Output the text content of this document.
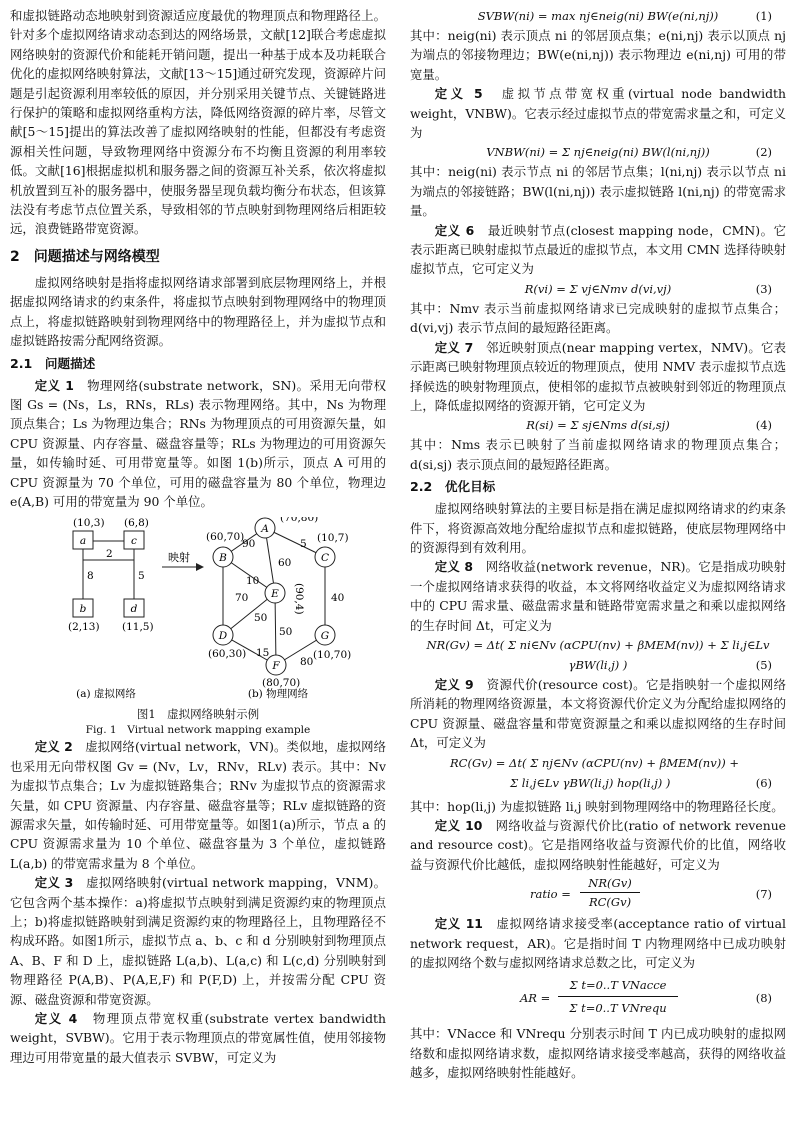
和虚拟链路动态地映射到资源适应度最优的物理顶点和物理路径上。针对多个虚拟网络请求动态到达的网络场景，文献[12]联合考虑虚拟网络映射的资源代价和能耗开销问题，提出一种基于成本及功耗联合优化的虚拟网络映射算法，文献[13～15]通过研究发现，资源碎片问题是引起资源利用率较低的原因，并分别采用关键节点、关键链路进行保护的策略和虚拟网络重构方法，降低网络资源的碎片率，尽管文献[5～15]提出的算法改善了虚拟网络映射的性能，但都没有考虑资源相关性问题，导致物理网络中资源分布不均衡且资源的利用率较低。文献[16]根据虚拟机和服务器之间的资源互补关系，依次将虚拟机放置到互补的服务器中，使服务器呈现负载均衡分布状态，但该算法没有考虑节点位置关系，导致相邻的节点映射到物理网络后相距较远，浪费链路带宽资源。

2　问题描述与网络模型

虚拟网络映射是指将虚拟网络请求部署到底层物理网络上，并根据虚拟网络请求的约束条件，将虚拟节点映射到物理网络中的物理顶点上，将虚拟链路映射到物理网络中的物理路径上，并为虚拟节点和虚拟链路按需分配网络资源。

2.1　问题描述

定义 1　物理网络(substrate network，SN)。采用无向带权图 Gs = (Ns，Ls，RNs，RLs) 表示物理网络。其中，Ns 为物理顶点集合；Ls 为物理边集合；RNs 为物理顶点的可用资源矢量，如CPU 资源量、内存容量、磁盘容量等；RLs 为物理边的可用资源矢量，如传输时延、可用带宽量等。如图 1(b)所示，顶点 A 可用的 CPU 资源量为 70 个单位，可用的磁盘容量为 80 个单位，物理边 e(A,B) 可用的带宽量为 90 个单位。

a	c
b	d
(10,3) (6,8)
(2,13) (11,5)
2
8	5
映射
A
B	C
D
E
F
G
(70,80)
(60,70)	(10,7)
(60,30)
(90,4)
(80,70)
(10,70)
90	5
60
10
70	40
50
50
15
80
(a) 虚拟网络	(b) 物理网络
图1　虚拟网络映射示例
Fig. 1　Virtual network mapping example

定义 2　虚拟网络(virtual network，VN)。类似地，虚拟网络也采用无向带权图 Gv = (Nv，Lv，RNv，RLv) 表示。其中：Nv 为虚拟节点集合；Lv 为虚拟链路集合；RNv 为虚拟节点的资源需求矢量，如 CPU 资源量、内存容量、磁盘容量等；RLv 虚拟链路的资源需求矢量，如传输时延、可用带宽量等。如图1(a)所示，节点 a 的 CPU 资源需求量为 10 个单位、磁盘容量为 3 个单位，虚拟链路 L(a,b) 的带宽需求量为 8 个单位。

定义 3　虚拟网络映射(virtual network mapping，VNM)。它包含两个基本操作：a)将虚拟节点映射到满足资源约束的物理顶点上；b)将虚拟链路映射到满足资源约束的物理路径上，且物理路径不构成环路。如图1所示，虚拟节点 a、b、c 和 d 分别映射到物理顶点 A、B、F 和 D 上，虚拟链路 L(a,b)、L(a,c) 和 L(c,d) 分别映射到物理路径 P(A,B)、P(A,E,F) 和 P(F,D) 上，并按需分配 CPU 资源、磁盘资源和带宽资源。

定义 4　物理顶点带宽权重(substrate vertex bandwidth weight，SVBW)。它用于表示物理顶点的带宽属性值，使用邻接物理边可用带宽量的最大值表示 SVBW，可定义为

SVBW(ni) = max nj∈neig(ni) BW(e(ni,nj))	(1)

其中：neig(ni) 表示顶点 ni 的邻居顶点集；e(ni,nj) 表示以顶点 nj 为端点的邻接物理边；BW(e(ni,nj)) 表示物理边 e(ni,nj) 可用的带宽量。

定义 5　虚拟节点带宽权重(virtual node bandwidth weight，VNBW)。它表示经过虚拟节点的带宽需求量之和，可定义为

VNBW(ni) = Σ nj∈neig(ni) BW(l(ni,nj))	(2)

其中：neig(ni) 表示节点 ni 的邻居节点集；l(ni,nj) 表示以节点 ni 为端点的邻接链路；BW(l(ni,nj)) 表示虚拟链路 l(ni,nj) 的带宽需求量。

定义 6　最近映射节点(closest mapping node，CMN)。它表示距离已映射虚拟节点最近的虚拟节点，本文用 CMN 选择待映射虚拟节点，它可定义为

R(vi) = Σ vj∈Nmv d(vi,vj)	(3)

其中：Nmv 表示当前虚拟网络请求已完成映射的虚拟节点集合；d(vi,vj) 表示节点间的最短路径距离。

定义 7　邻近映射顶点(near mapping vertex，NMV)。它表示距离已映射物理顶点较近的物理顶点，使用 NMV 表示虚拟节点选择候选的映射物理顶点，使相邻的虚拟节点被映射到邻近的物理顶点上，降低虚拟网络的资源开销，它可定义为

R(si) = Σ sj∈Nms d(si,sj)	(4)

其中：Nms 表示已映射了当前虚拟网络请求的物理顶点集合；d(si,sj) 表示顶点间的最短路径距离。

2.2　优化目标

虚拟网络映射算法的主要目标是指在满足虚拟网络请求的约束条件下，将资源高效地分配给虚拟节点和虚拟链路，使底层物理网络中的资源得到有效利用。

定义 8　网络收益(network revenue，NR)。它是指成功映射一个虚拟网络请求获得的收益，本文将网络收益定义为虚拟网络请求中的 CPU 需求量、磁盘需求量和链路带宽需求量之和乘以虚拟网络的生存时间 Δt，可定义为

NR(Gv) = Δt( Σ ni∈Nv (αCPU(nv) + βMEM(nv)) + Σ li,j∈Lv γBW(li,j) )	(5)

定义 9　资源代价(resource cost)。它是指映射一个虚拟网络所消耗的物理网络资源量，本文将资源代价定义为分配给虚拟网络的 CPU 资源量、磁盘容量和带宽资源量之和乘以虚拟网络的生存时间 Δt，可定义为

RC(Gv) = Δt( Σ nj∈Nv (αCPU(nv) + βMEM(nv)) +
Σ li,j∈Lv γBW(li,j) hop(li,j) )	(6)

其中：hop(li,j) 为虚拟链路 li,j 映射到物理网络中的物理路径长度。

定义 10　网络收益与资源代价比(ratio of network revenue and resource cost)。它是指网络收益与资源代价的比值，网络收益与资源代价比越低，虚拟网络映射性能越好，可定义为

ratio = $\frac{NR(Gv)}{RC(Gv)}$	(7)

定义 11　虚拟网络请求接受率(acceptance ratio of virtual network request，AR)。它是指时间 T 内物理网络中已成功映射的虚拟网络个数与虚拟网络请求总数之比，可定义为

AR =
Σ t=0..T VNacce
Σ t=0..T VNrequ
(8)

其中：VNacce 和 VNrequ 分别表示时间 T 内已成功映射的虚拟网络数和虚拟网络请求数，虚拟网络请求接受率越高，获得的网络收益越多，虚拟网络映射性能越好。
